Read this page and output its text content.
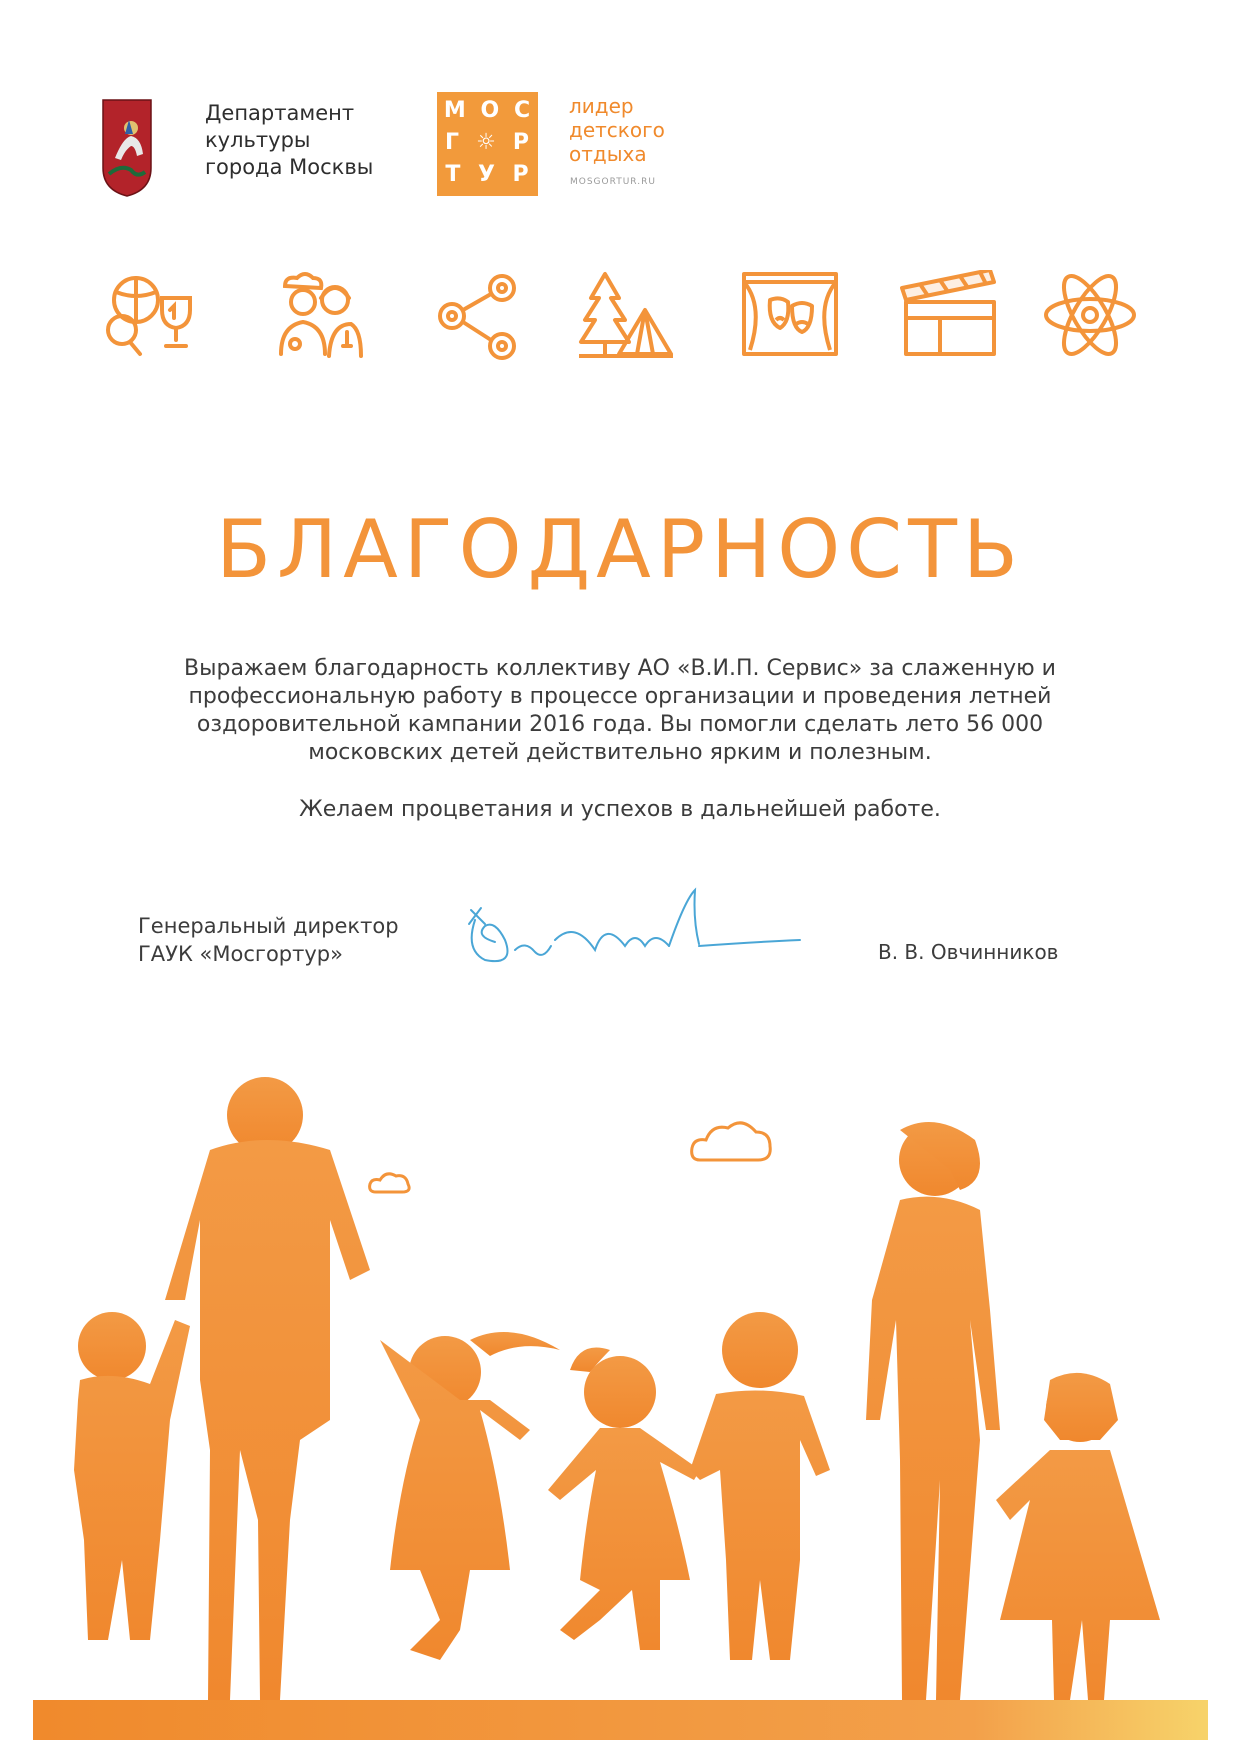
Департамент
культуры
города Москвы
М О С
Г ☼ Р
Т У Р
лидер
детского
отдыха
MOSGORTUR.RU
БЛАГОДАРНОСТЬ
Выражаем благодарность коллективу АО «В.И.П. Сервис» за слаженную и
профессиональную работу в процессе организации и проведения летней
оздоровительной кампании 2016 года. Вы помогли сделать лето 56 000
московских детей действительно ярким и полезным.
Желаем процветания и успехов в дальнейшей работе.
Генеральный директор
ГАУК «Мосгортур»	В. В. Овчинников
